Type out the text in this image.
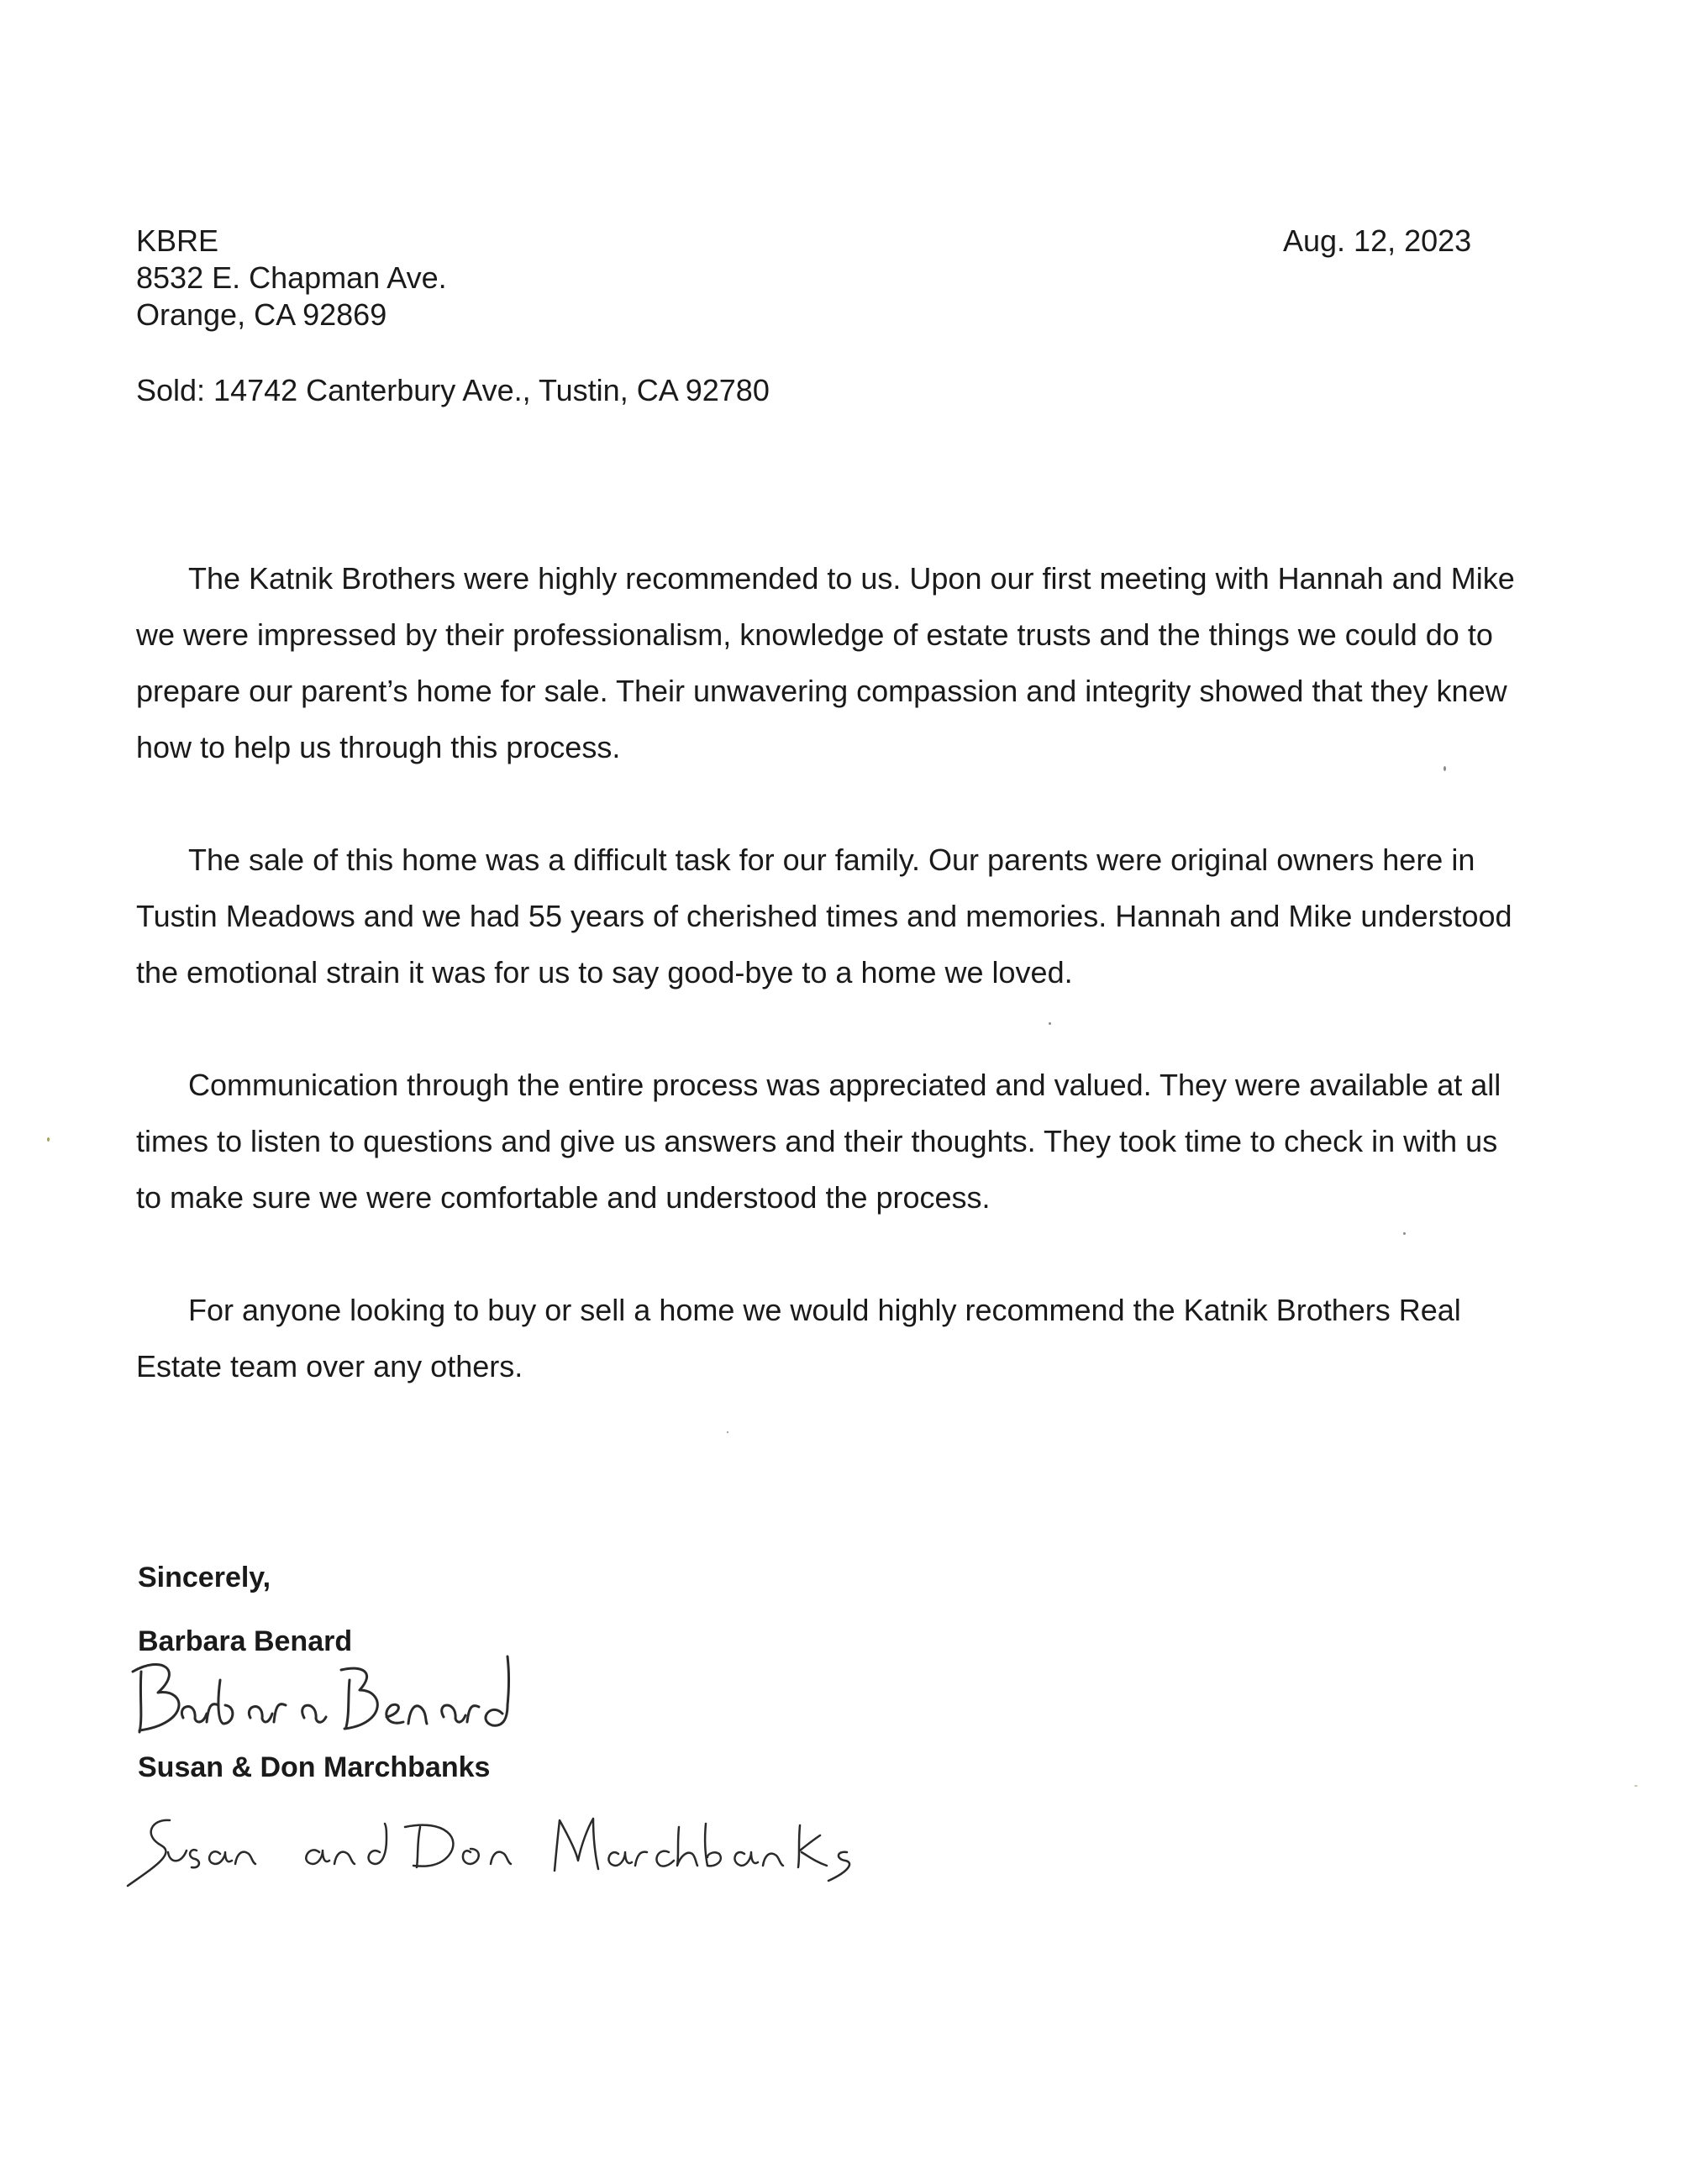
KBRE
8532 E. Chapman Ave.
Orange, CA 92869
Aug. 12, 2023
Sold: 14742 Canterbury Ave., Tustin, CA 92780

The Katnik Brothers were highly recommended to us. Upon our first meeting with Hannah and Mike we were impressed by their professionalism, knowledge of estate trusts and the things we could do to prepare our parent’s home for sale. Their unwavering compassion and integrity showed that they knew how to help us through this process.

The sale of this home was a difficult task for our family. Our parents were original owners here in Tustin Meadows and we had 55 years of cherished times and memories. Hannah and Mike understood the emotional strain it was for us to say good-bye to a home we loved.

Communication through the entire process was appreciated and valued. They were available at all times to listen to questions and give us answers and their thoughts. They took time to check in with us to make sure we were comfortable and understood the process.

For anyone looking to buy or sell a home we would highly recommend the Katnik Brothers Real Estate team over any others.

Sincerely,
Barbara Benard
Susan & Don Marchbanks
